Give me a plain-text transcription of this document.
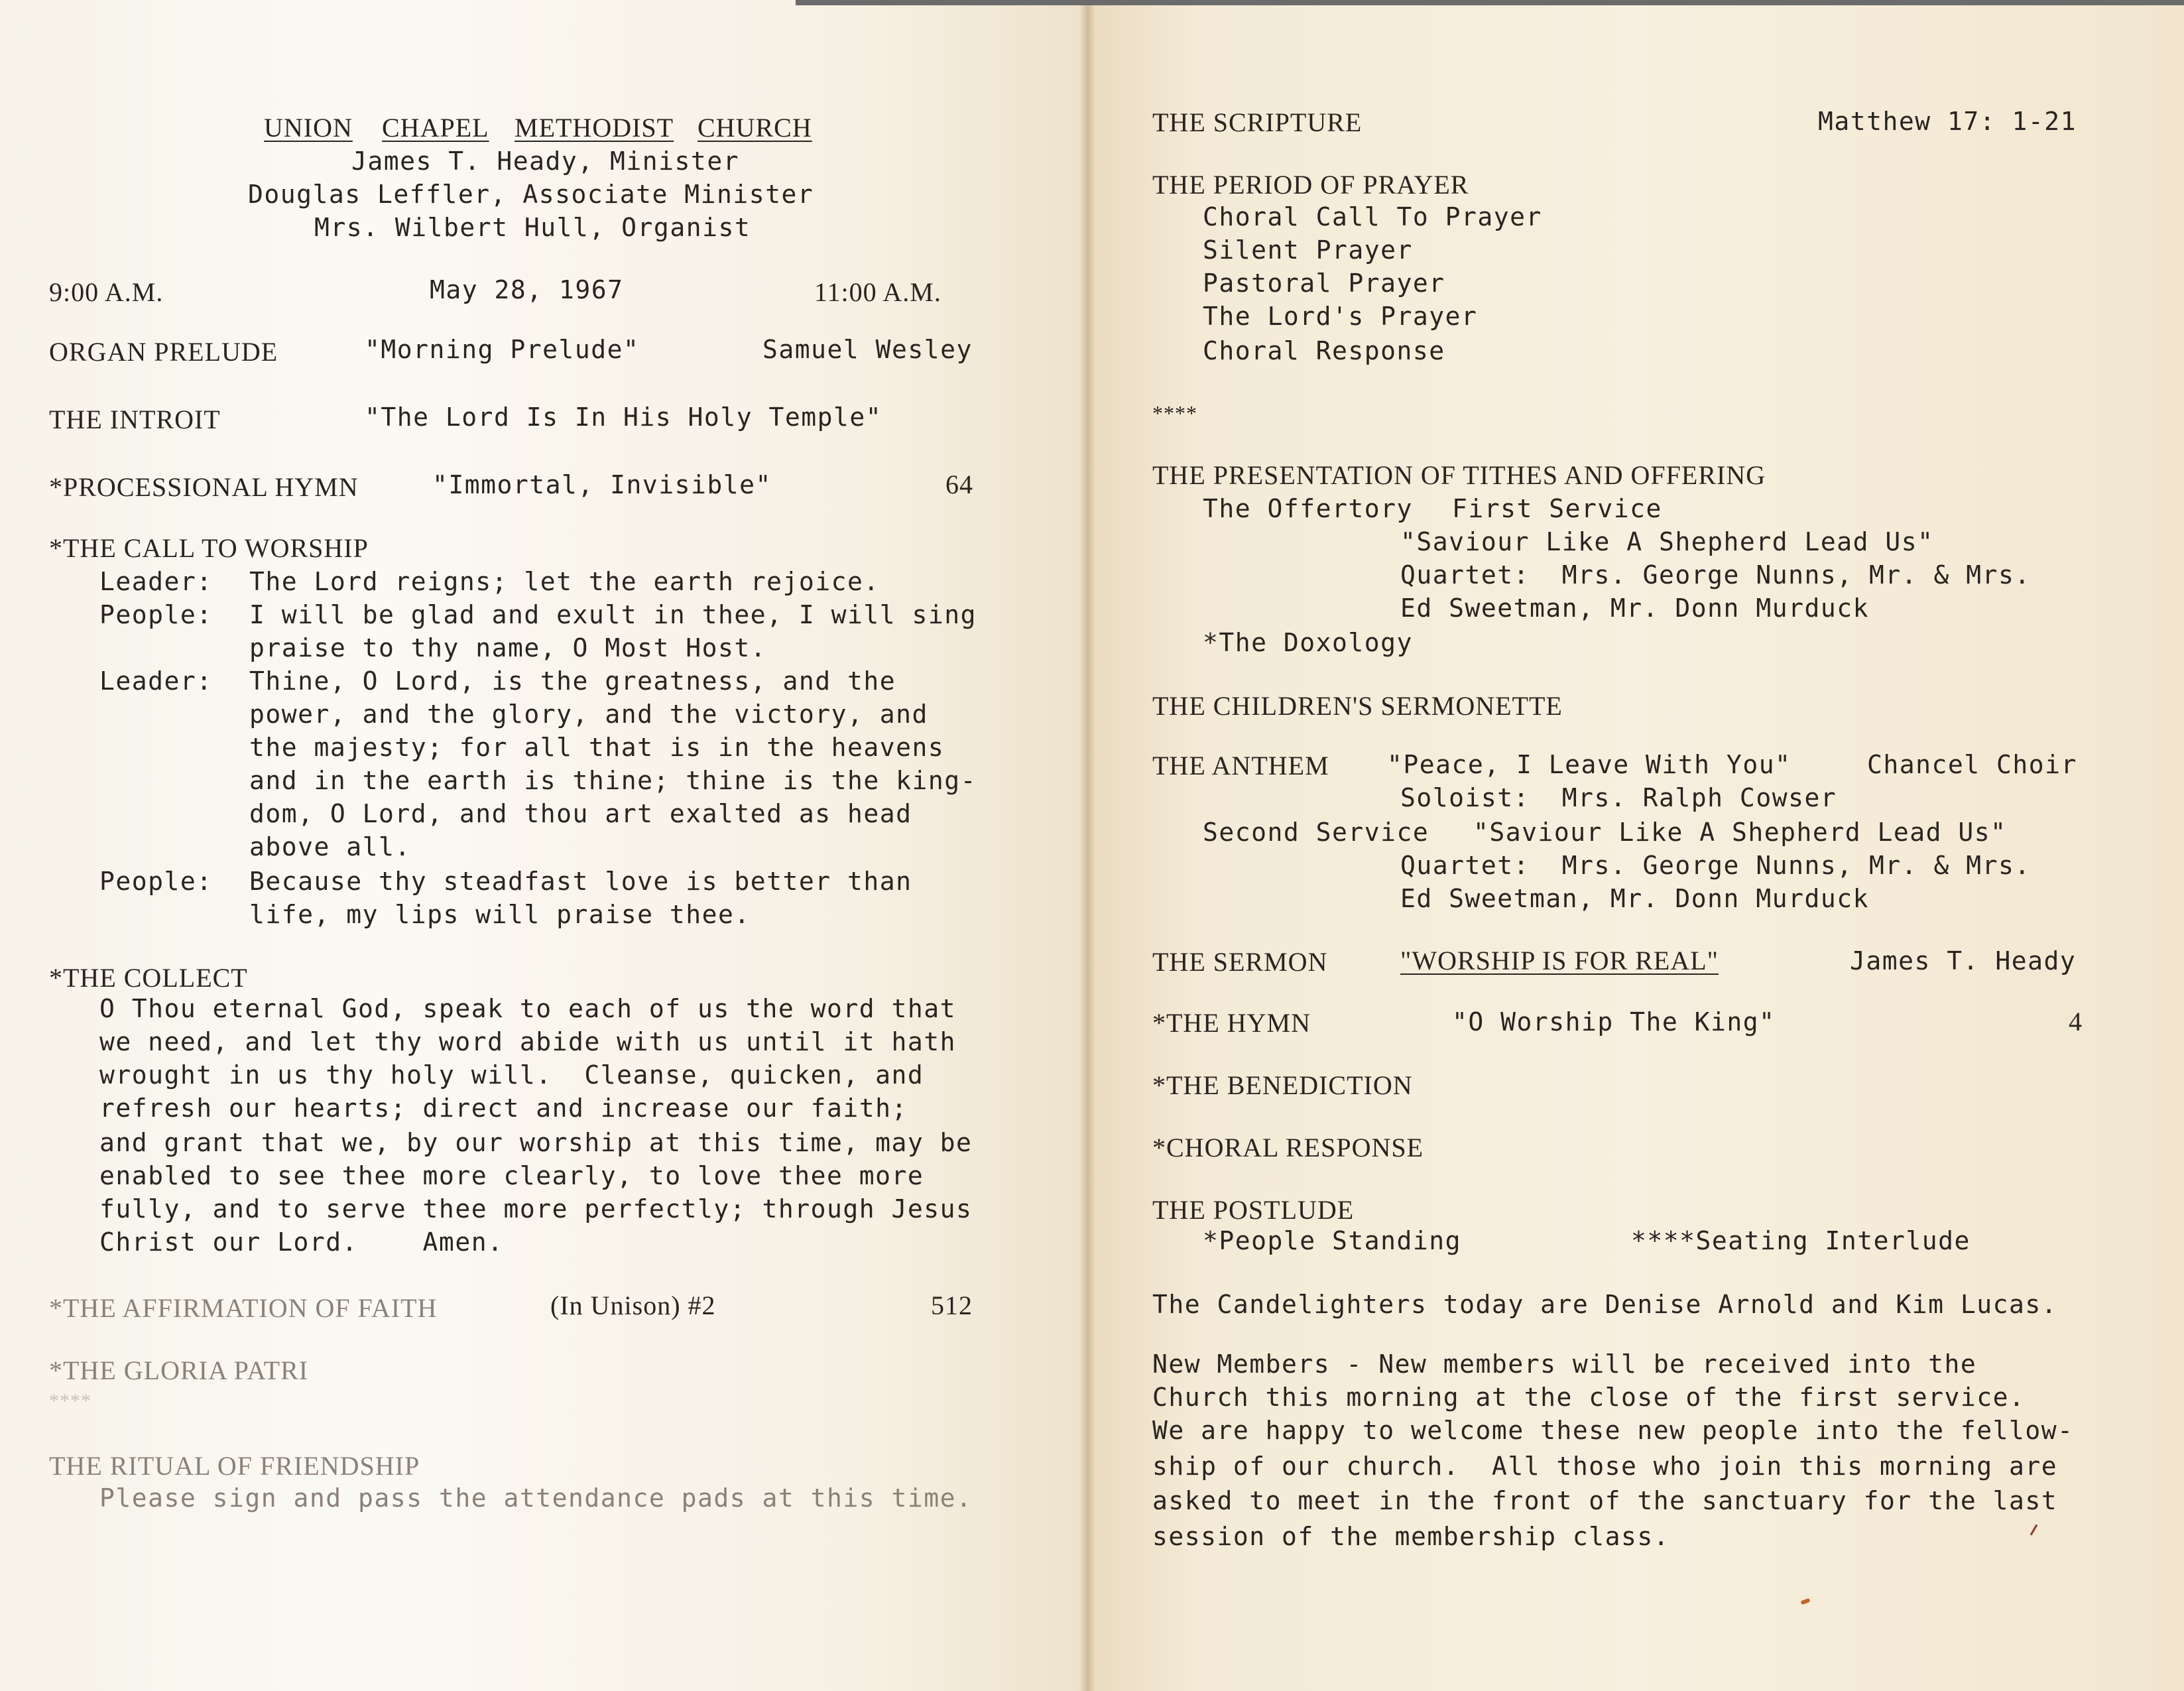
UNION CHAPEL METHODIST CHURCH
James T. Heady, Minister
Douglas Leffler, Associate Minister
Mrs. Wilbert Hull, Organist
9:00 A.M.	May 28, 1967	11:00 A.M.
ORGAN PRELUDE	"Morning Prelude"	Samuel Wesley
THE INTROIT	"The Lord Is In His Holy Temple"
*PROCESSIONAL HYMN	"Immortal, Invisible"	64
*THE CALL TO WORSHIP
Leader: The Lord reigns; let the earth rejoice.
People: I will be glad and exult in thee, I will sing
praise to thy name, O Most Host.
Leader: Thine, O Lord, is the greatness, and the
power, and the glory, and the victory, and
the majesty; for all that is in the heavens
and in the earth is thine; thine is the king-
dom, O Lord, and thou art exalted as head
above all.
People: Because thy steadfast love is better than
life, my lips will praise thee.
*THE COLLECT
O Thou eternal God, speak to each of us the word that
we need, and let thy word abide with us until it hath
wrought in us thy holy will.  Cleanse, quicken, and
refresh our hearts; direct and increase our faith;
and grant that we, by our worship at this time, may be
enabled to see thee more clearly, to love thee more
fully, and to serve thee more perfectly; through Jesus
Christ our Lord.    Amen.
*THE AFFIRMATION OF FAITH	(In Unison) #2	512
*THE GLORIA PATRI
****
THE RITUAL OF FRIENDSHIP
Please sign and pass the attendance pads at this time.
THE SCRIPTURE	Matthew 17: 1-21
THE PERIOD OF PRAYER
Choral Call To Prayer
Silent Prayer
Pastoral Prayer
The Lord's Prayer
Choral Response
****
THE PRESENTATION OF TITHES AND OFFERING
The Offertory First Service
"Saviour Like A Shepherd Lead Us"
Quartet:  Mrs. George Nunns, Mr. & Mrs.
Ed Sweetman, Mr. Donn Murduck
*The Doxology
THE CHILDREN'S SERMONETTE
THE ANTHEM "Peace, I Leave With You"	Chancel Choir
Soloist:  Mrs. Ralph Cowser
Second Service "Saviour Like A Shepherd Lead Us"
Quartet:  Mrs. George Nunns, Mr. & Mrs.
Ed Sweetman, Mr. Donn Murduck
THE SERMON	"WORSHIP IS FOR REAL"	James T. Heady
*THE HYMN	"O Worship The King"	4
*THE BENEDICTION
*CHORAL RESPONSE
THE POSTLUDE
*People Standing	****Seating Interlude
The Candelighters today are Denise Arnold and Kim Lucas.
New Members - New members will be received into the
Church this morning at the close of the first service.
We are happy to welcome these new people into the fellow-
ship of our church.  All those who join this morning are
asked to meet in the front of the sanctuary for the last
session of the membership class.
